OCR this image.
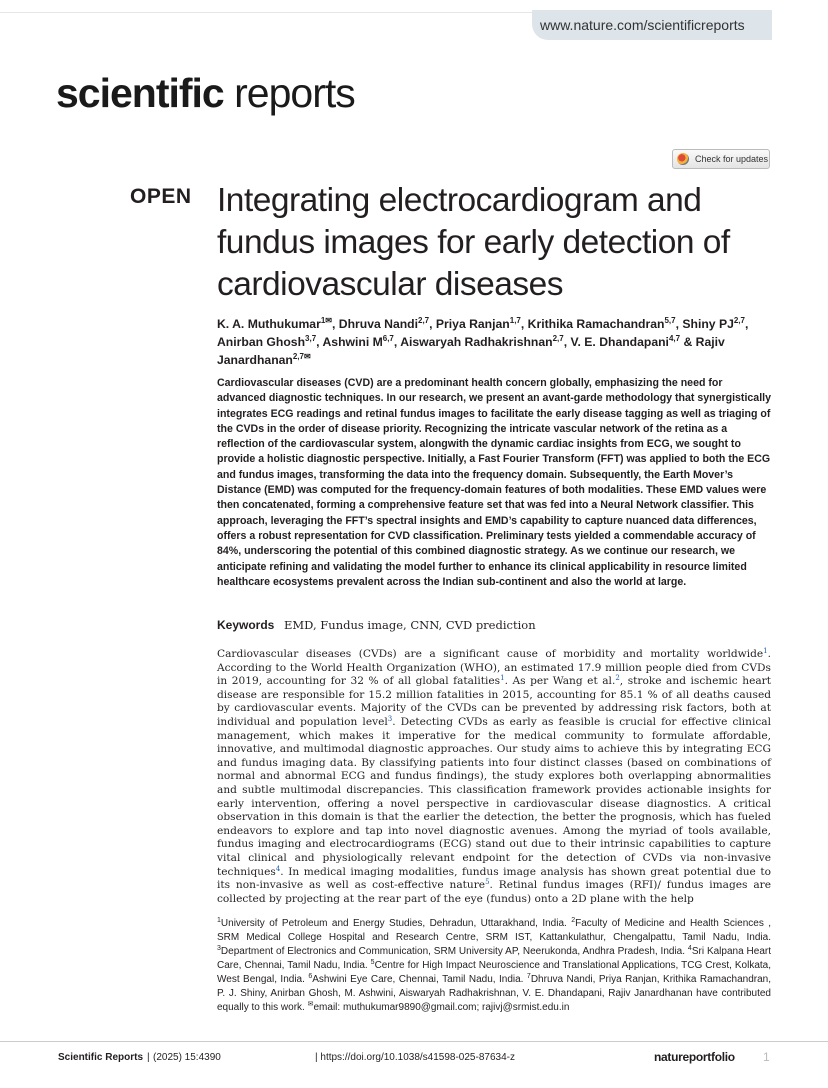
www.nature.com/scientificreports
scientific reports
Check for updates
OPEN Integrating electrocardiogram and fundus images for early detection of cardiovascular diseases
K. A. Muthukumar$^{1✉}$, Dhruva Nandi$^{2,7}$, Priya Ranjan$^{1,7}$, Krithika Ramachandran$^{5,7}$, Shiny PJ$^{2,7}$, Anirban Ghosh$^{3,7}$, Ashwini M$^{6,7}$, Aiswaryah Radhakrishnan$^{2,7}$, V. E. Dhandapani$^{4,7}$ & Rajiv Janardhanan$^{2,7✉}$
Cardiovascular diseases (CVD) are a predominant health concern globally, emphasizing the need for advanced diagnostic techniques. In our research, we present an avant-garde methodology that synergistically integrates ECG readings and retinal fundus images to facilitate the early disease tagging as well as triaging of the CVDs in the order of disease priority. Recognizing the intricate vascular network of the retina as a reflection of the cardiovascular system, alongwith the dynamic cardiac insights from ECG, we sought to provide a holistic diagnostic perspective. Initially, a Fast Fourier Transform (FFT) was applied to both the ECG and fundus images, transforming the data into the frequency domain. Subsequently, the Earth Mover’s Distance (EMD) was computed for the frequency-domain features of both modalities. These EMD values were then concatenated, forming a comprehensive feature set that was fed into a Neural Network classifier. This approach, leveraging the FFT’s spectral insights and EMD’s capability to capture nuanced data differences, offers a robust representation for CVD classification. Preliminary tests yielded a commendable accuracy of 84%, underscoring the potential of this combined diagnostic strategy. As we continue our research, we anticipate refining and validating the model further to enhance its clinical applicability in resource limited healthcare ecosystems prevalent across the Indian sub-continent and also the world at large.
Keywords EMD, Fundus image, CNN, CVD prediction
Cardiovascular diseases (CVDs) are a significant cause of morbidity and mortality worldwide$^1$. According to the World Health Organization (WHO), an estimated 17.9 million people died from CVDs in 2019, accounting for 32 % of all global fatalities$^1$. As per Wang et al.$^2$, stroke and ischemic heart disease are responsible for 15.2 million fatalities in 2015, accounting for 85.1 % of all deaths caused by cardiovascular events. Majority of the CVDs can be prevented by addressing risk factors, both at individual and population level$^3$. Detecting CVDs as early as feasible is crucial for effective clinical management, which makes it imperative for the medical community to formulate affordable, innovative, and multimodal diagnostic approaches. Our study aims to achieve this by integrating ECG and fundus imaging data. By classifying patients into four distinct classes (based on combinations of normal and abnormal ECG and fundus findings), the study explores both overlapping abnormalities and subtle multimodal discrepancies. This classification framework provides actionable insights for early intervention, offering a novel perspective in cardiovascular disease diagnostics. A critical observation in this domain is that the earlier the detection, the better the prognosis, which has fueled endeavors to explore and tap into novel diagnostic avenues. Among the myriad of tools available, fundus imaging and electrocardiograms (ECG) stand out due to their intrinsic capabilities to capture vital clinical and physiologically relevant endpoint for the detection of CVDs via non-invasive techniques$^4$. In medical imaging modalities, fundus image analysis has shown great potential due to its non-invasive as well as cost-effective nature$^5$. Retinal fundus images (RFI)/ fundus images are collected by projecting at the rear part of the eye (fundus) onto a 2D plane with the help
$^1$University of Petroleum and Energy Studies, Dehradun, Uttarakhand, India. $^2$Faculty of Medicine and Health Sciences , SRM Medical College Hospital and Research Centre, SRM IST, Kattankulathur, Chengalpattu, Tamil Nadu, India. $^3$Department of Electronics and Communication, SRM University AP, Neerukonda, Andhra Pradesh, India. $^4$Sri Kalpana Heart Care, Chennai, Tamil Nadu, India. $^5$Centre for High Impact Neuroscience and Translational Applications, TCG Crest, Kolkata, West Bengal, India. $^6$Ashwini Eye Care, Chennai, Tamil Nadu, India. $^7$Dhruva Nandi, Priya Ranjan, Krithika Ramachandran, P. J. Shiny, Anirban Ghosh, M. Ashwini, Aiswaryah Radhakrishnan, V. E. Dhandapani, Rajiv Janardhanan have contributed equally to this work. ✉email: muthukumar9890@gmail.com; rajivj@srmist.edu.in
Scientific Reports | (2025) 15:4390	| https://doi.org/10.1038/s41598-025-87634-z	natureportfolio 1
